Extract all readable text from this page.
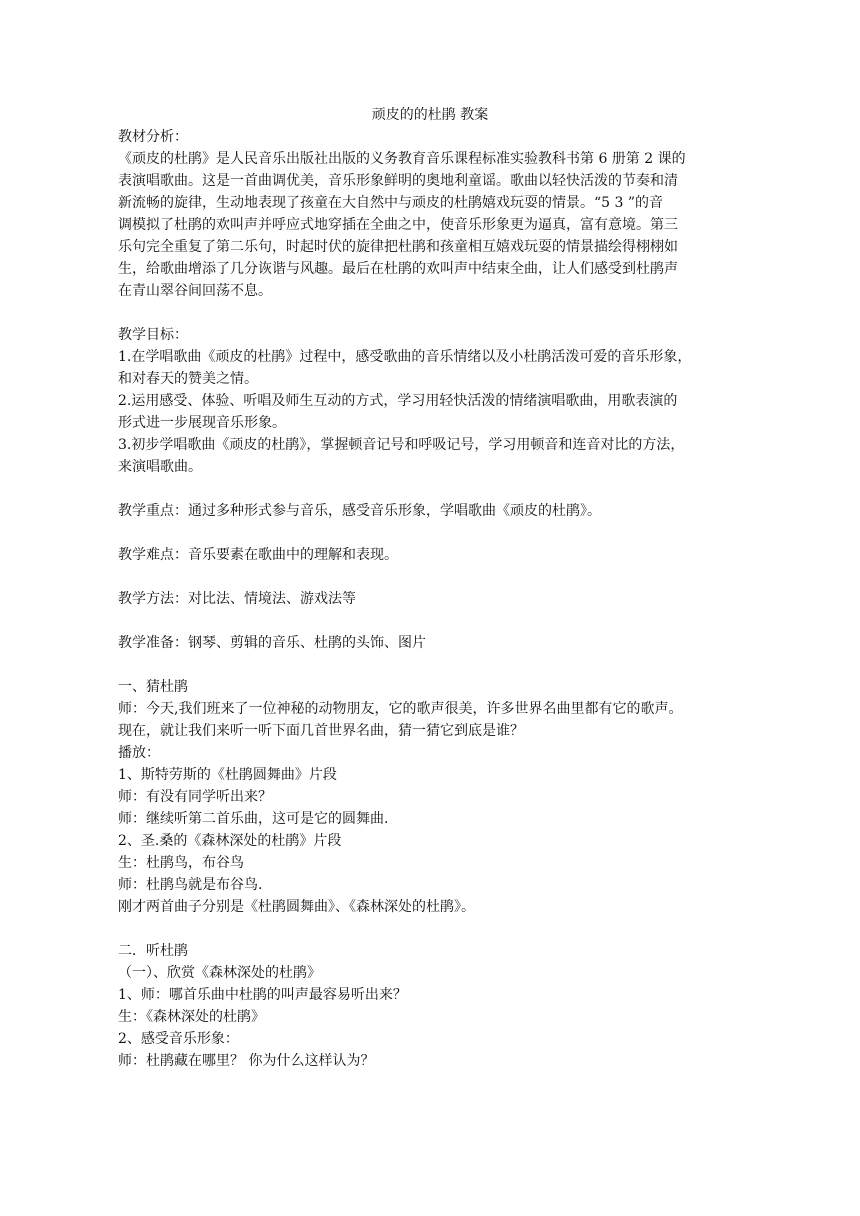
顽皮的的杜鹃 教案

教材分析：

《顽皮的杜鹃》是人民音乐出版社出版的义务教育音乐课程标准实验教科书第 6 册第 2 课的

表演唱歌曲。这是一首曲调优美，音乐形象鲜明的奥地利童谣。歌曲以轻快活泼的节奏和清

新流畅的旋律，生动地表现了孩童在大自然中与顽皮的杜鹃嬉戏玩耍的情景。“5 3 ”的音

调模拟了杜鹃的欢叫声并呼应式地穿插在全曲之中，使音乐形象更为逼真，富有意境。第三

乐句完全重复了第二乐句，时起时伏的旋律把杜鹃和孩童相互嬉戏玩耍的情景描绘得栩栩如

生，给歌曲增添了几分诙谐与风趣。最后在杜鹃的欢叫声中结束全曲，让人们感受到杜鹃声

在青山翠谷间回荡不息。

教学目标：

1.在学唱歌曲《顽皮的杜鹃》过程中，感受歌曲的音乐情绪以及小杜鹃活泼可爱的音乐形象，

和对春天的赞美之情。

2.运用感受、体验、听唱及师生互动的方式，学习用轻快活泼的情绪演唱歌曲，用歌表演的

形式进一步展现音乐形象。

3.初步学唱歌曲《顽皮的杜鹃》，掌握顿音记号和呼吸记号，学习用顿音和连音对比的方法，

来演唱歌曲。

教学重点：通过多种形式参与音乐，感受音乐形象，学唱歌曲《顽皮的杜鹃》。

教学难点：音乐要素在歌曲中的理解和表现。

教学方法：对比法、情境法、游戏法等

教学准备：钢琴、剪辑的音乐、杜鹃的头饰、图片

一、猜杜鹃

师：今天,我们班来了一位神秘的动物朋友，它的歌声很美，许多世界名曲里都有它的歌声。

现在，就让我们来听一听下面几首世界名曲，猜一猜它到底是谁？

播放：

1、斯特劳斯的《杜鹃圆舞曲》片段

师：有没有同学听出来？

师：继续听第二首乐曲，这可是它的圆舞曲.

2、圣.桑的《森林深处的杜鹃》片段

生：杜鹃鸟，布谷鸟

师：杜鹃鸟就是布谷鸟.

刚才两首曲子分别是《杜鹃圆舞曲》、《森林深处的杜鹃》。

二．听杜鹃

（一）、欣赏《森林深处的杜鹃》

1、师：哪首乐曲中杜鹃的叫声最容易听出来？

生：《森林深处的杜鹃》

2、感受音乐形象：

师：杜鹃藏在哪里？ 你为什么这样认为？
